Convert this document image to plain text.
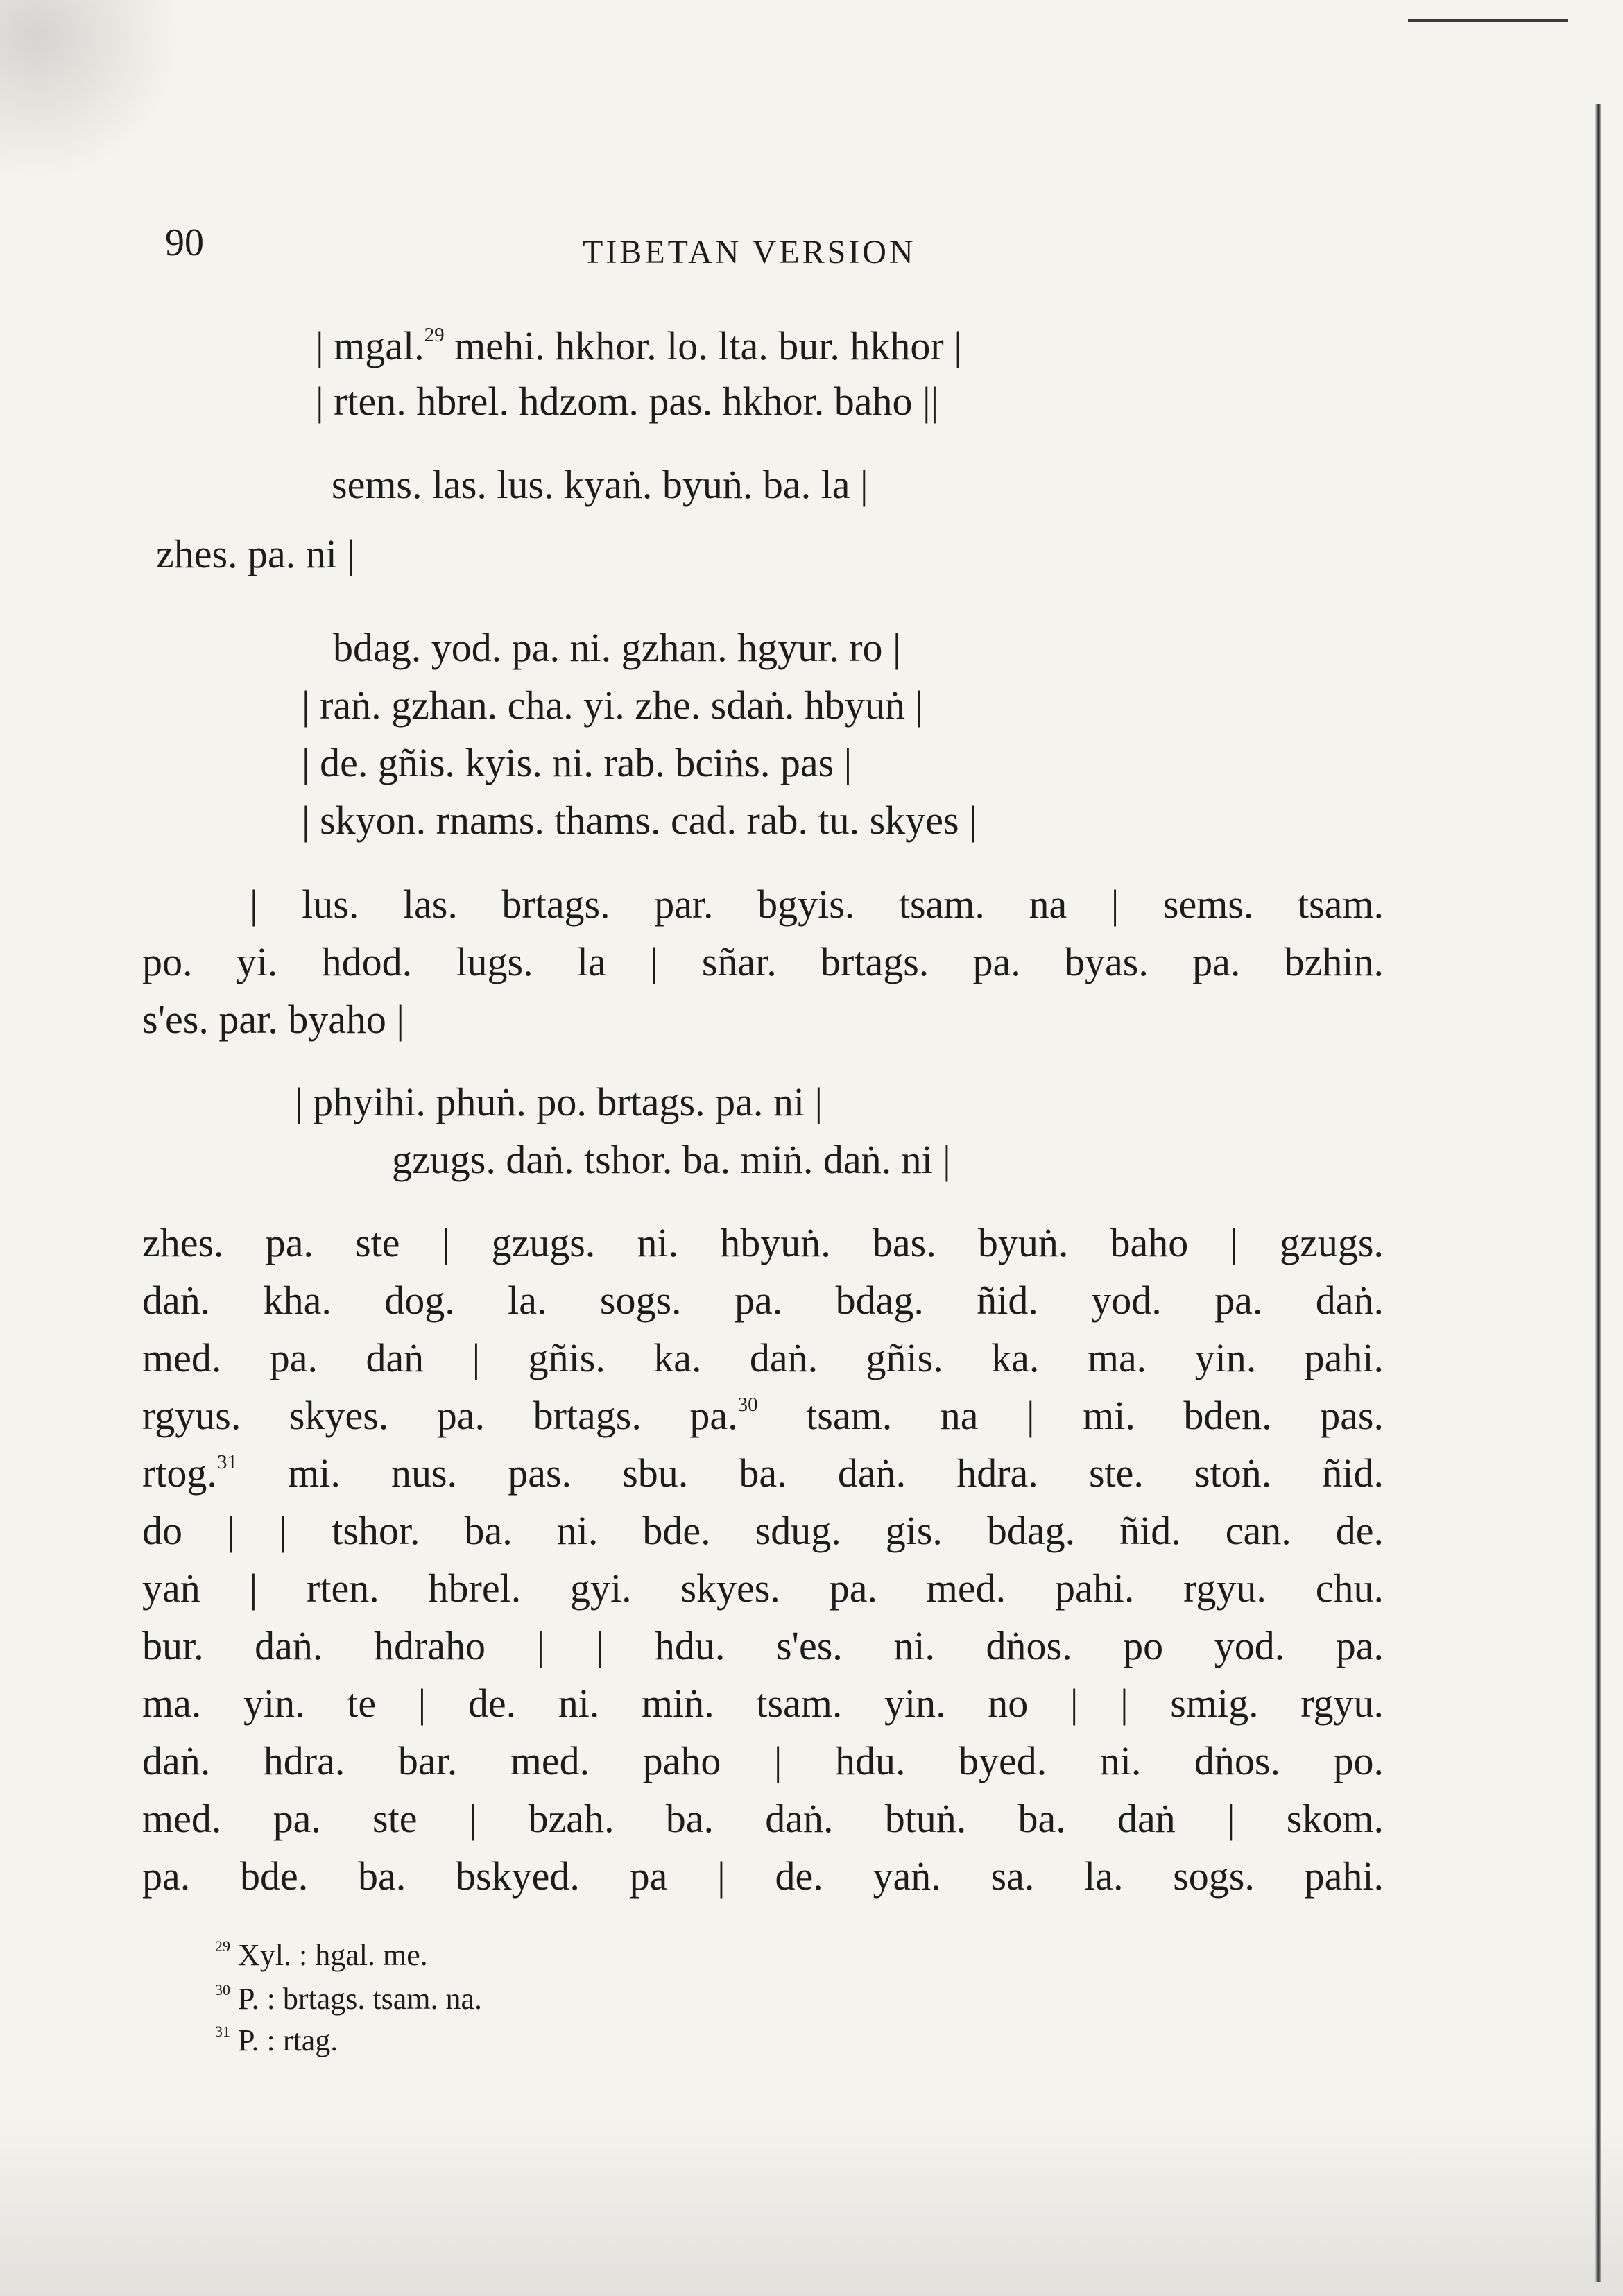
90	TIBETAN VERSION
| mgal.$^{29}$ mehi. hkhor. lo. lta. bur. hkhor |
| rten. hbrel. hdzom. pas. hkhor. baho ||
sems. las. lus. kyaṅ. byuṅ. ba. la |
zhes. pa. ni |
bdag. yod. pa. ni. gzhan. hgyur. ro |
| raṅ. gzhan. cha. yi. zhe. sdaṅ. hbyuṅ |
| de. gñis. kyis. ni. rab. bciṅs. pas |
| skyon. rnams. thams. cad. rab. tu. skyes |
| lus. las. brtags. par. bgyis. tsam. na | sems. tsam.
po. yi. hdod. lugs. la | sñar. brtags. pa. byas. pa. bzhin.
s'es. par. byaho |
| phyihi. phuṅ. po. brtags. pa. ni |
gzugs. daṅ. tshor. ba. miṅ. daṅ. ni |
zhes. pa. ste | gzugs. ni. hbyuṅ. bas. byuṅ. baho | gzugs.
daṅ. kha. dog. la. sogs. pa. bdag. ñid. yod. pa. daṅ.
med. pa. daṅ | gñis. ka. daṅ. gñis. ka. ma. yin. pahi.
rgyus. skyes. pa. brtags. pa.$^{30}$ tsam. na | mi. bden. pas.
rtog.$^{31}$ mi. nus. pas. sbu. ba. daṅ. hdra. ste. stoṅ. ñid.
do | | tshor. ba. ni. bde. sdug. gis. bdag. ñid. can. de.
yaṅ | rten. hbrel. gyi. skyes. pa. med. pahi. rgyu. chu.
bur. daṅ. hdraho | | hdu. s'es. ni. dṅos. po yod. pa.
ma. yin. te | de. ni. miṅ. tsam. yin. no | | smig. rgyu.
daṅ. hdra. bar. med. paho | hdu. byed. ni. dṅos. po.
med. pa. ste | bzah. ba. daṅ. btuṅ. ba. daṅ | skom.
pa. bde. ba. bskyed. pa | de. yaṅ. sa. la. sogs. pahi.
$^{29}$ Xyl. : hgal. me.
$^{30}$ P. : brtags. tsam. na.
$^{31}$ P. : rtag.
